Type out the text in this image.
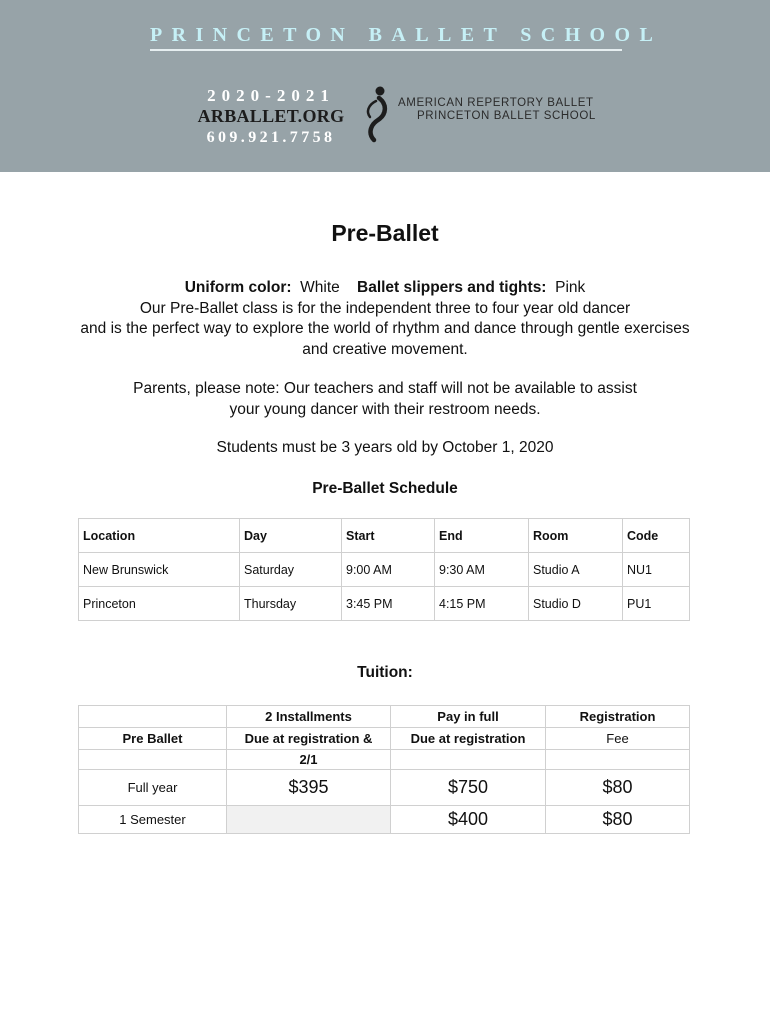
PRINCETON BALLET SCHOOL
2020-2021
ARBALLET.ORG
609.921.7758
AMERICAN REPERTORY BALLET
PRINCETON BALLET SCHOOL
Pre-Ballet
Uniform color: White Ballet slippers and tights: Pink
Our Pre-Ballet class is for the independent three to four year old dancer
and is the perfect way to explore the world of rhythm and dance through gentle exercises
and creative movement.
Parents, please note: Our teachers and staff will not be available to assist
your young dancer with their restroom needs.
Students must be 3 years old by October 1, 2020
Pre-Ballet Schedule
Location	Day	Start	End	Room	Code
New Brunswick	Saturday	9:00 AM	9:30 AM	Studio A	NU1
Princeton	Thursday	3:45 PM	4:15 PM	Studio D	PU1
Tuition:
	2 Installments	Pay in full	Registration
Pre Ballet	Due at registration &	Due at registration	Fee
	2/1		
Full year	$395	$750	$80
1 Semester		$400	$80
